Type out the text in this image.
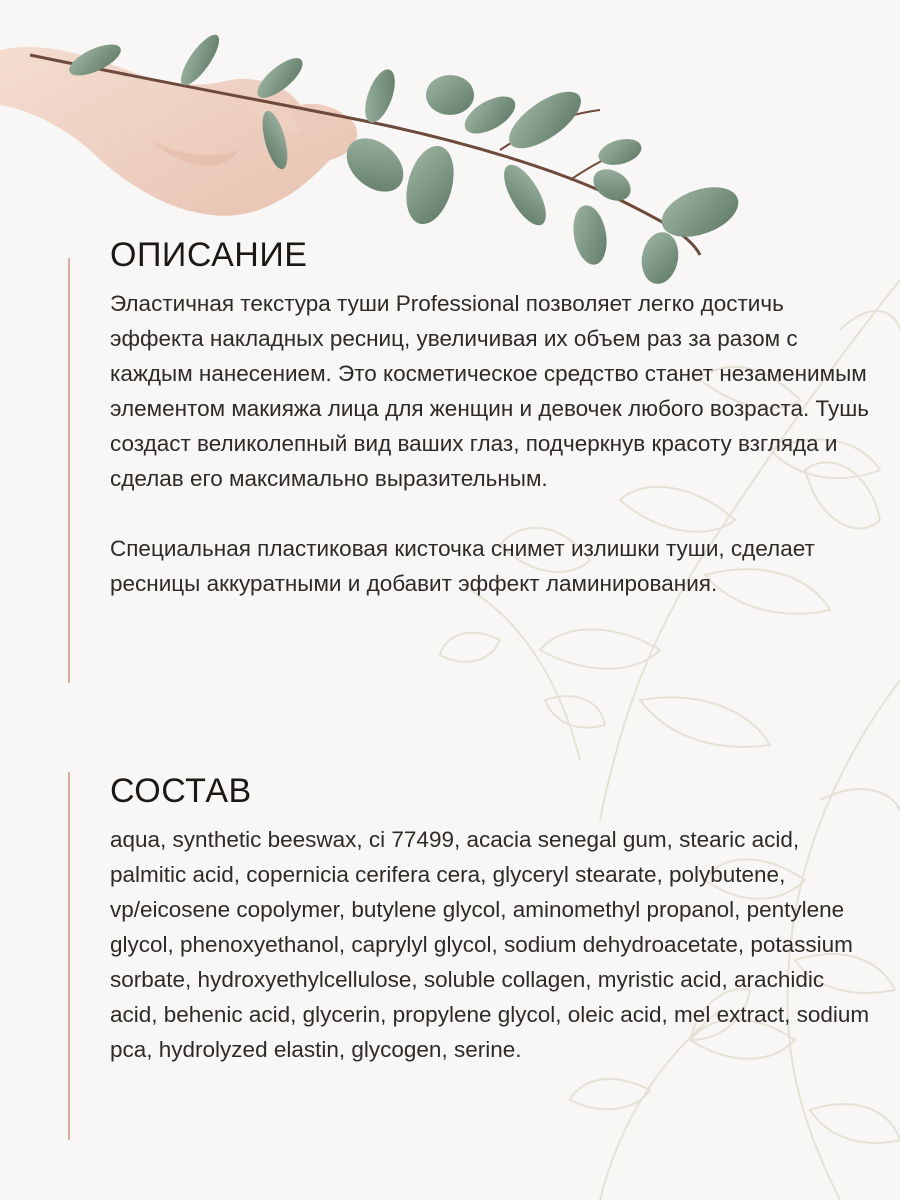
ОПИСАНИЕ

Эластичная текстура туши Professional позволяет легко достичь эффекта накладных ресниц, увеличивая их объем раз за разом с каждым нанесением. Это косметическое средство станет незаменимым элементом макияжа лица для женщин и девочек любого возраста. Тушь создаст великолепный вид ваших глаз, подчеркнув красоту взгляда и сделав его максимально выразительным.

Специальная пластиковая кисточка снимет излишки туши, сделает ресницы аккуратными и добавит эффект ламинирования.

СОСТАВ

aqua, synthetic beeswax, ci 77499, acacia senegal gum, stearic acid, palmitic acid, copernicia cerifera cera, glyceryl stearate, polybutene, vp/eicosene copolymer, butylene glycol, aminomethyl propanol, pentylene glycol, phenoxyethanol, caprylyl glycol, sodium dehydroacetate, potassium sorbate, hydroxyethylcellulose, soluble collagen, myristic acid, arachidic acid, behenic acid, glycerin, propylene glycol, oleic acid, mel extract, sodium pca, hydrolyzed elastin, glycogen, serine.
